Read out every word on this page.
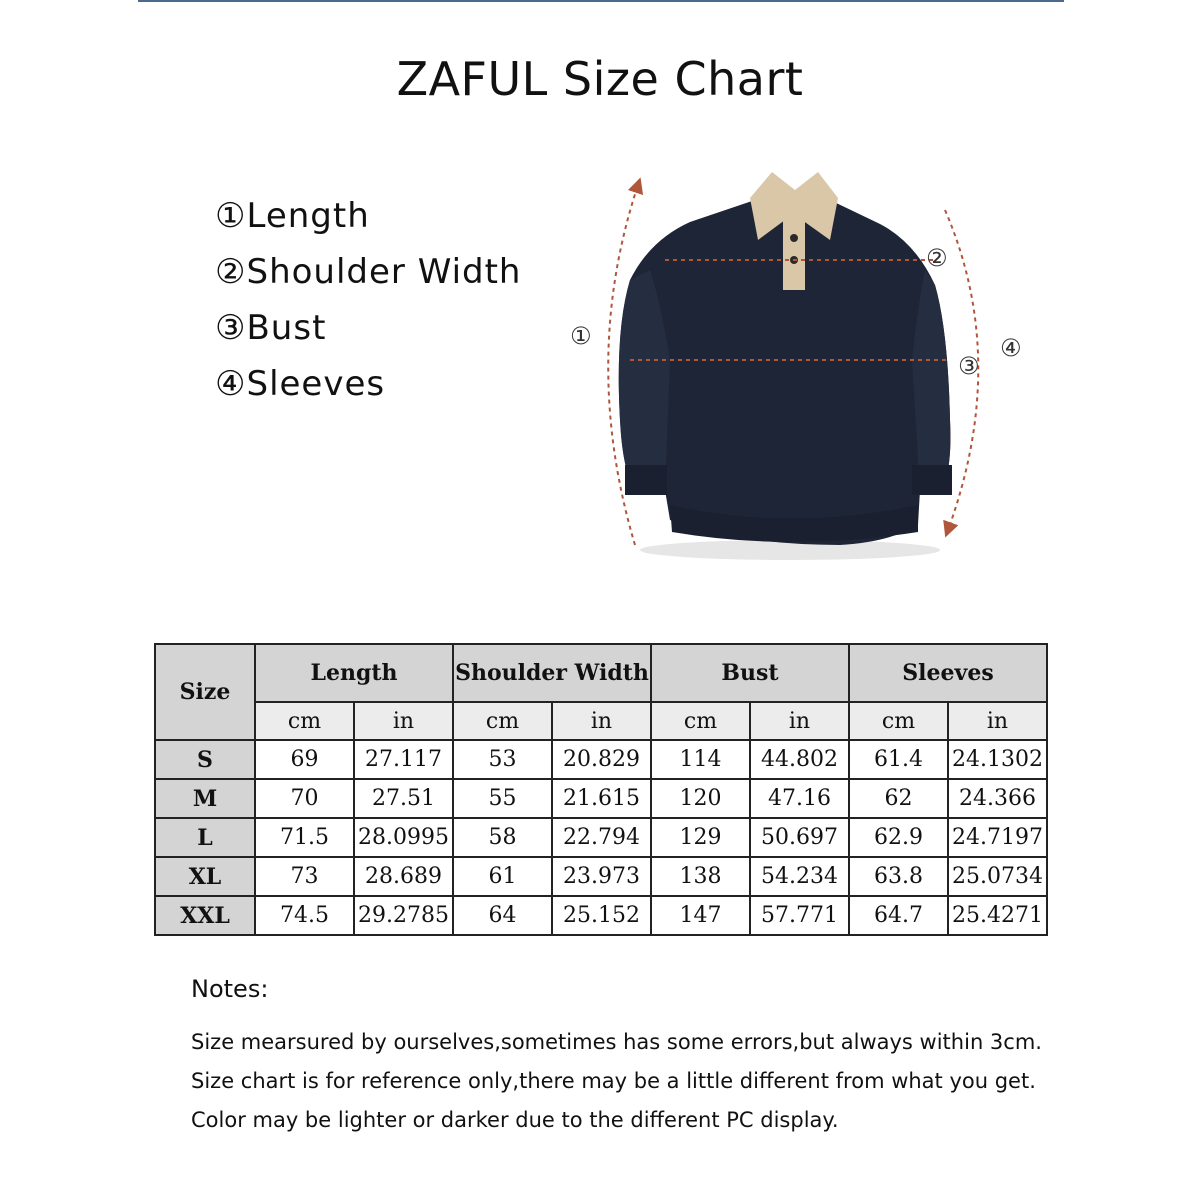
ZAFUL Size Chart
①Length
②Shoulder Width
③Bust
④Sleeves
①
②
③
④
Size	Length		Shoulder Width		Bust		Sleeves	
	cm	in	cm	in	cm	in	cm	in
S	69	27.117	53	20.829	114	44.802	61.4	24.1302
M	70	27.51	55	21.615	120	47.16	62	24.366
L	71.5	28.0995	58	22.794	129	50.697	62.9	24.7197
XL	73	28.689	61	23.973	138	54.234	63.8	25.0734
XXL	74.5	29.2785	64	25.152	147	57.771	64.7	25.4271
Notes:
Size mearsured by ourselves,sometimes has some errors,but always within 3cm.
Size chart is for reference only,there may be a little different from what you get.
Color may be lighter or darker due to the different PC display.
